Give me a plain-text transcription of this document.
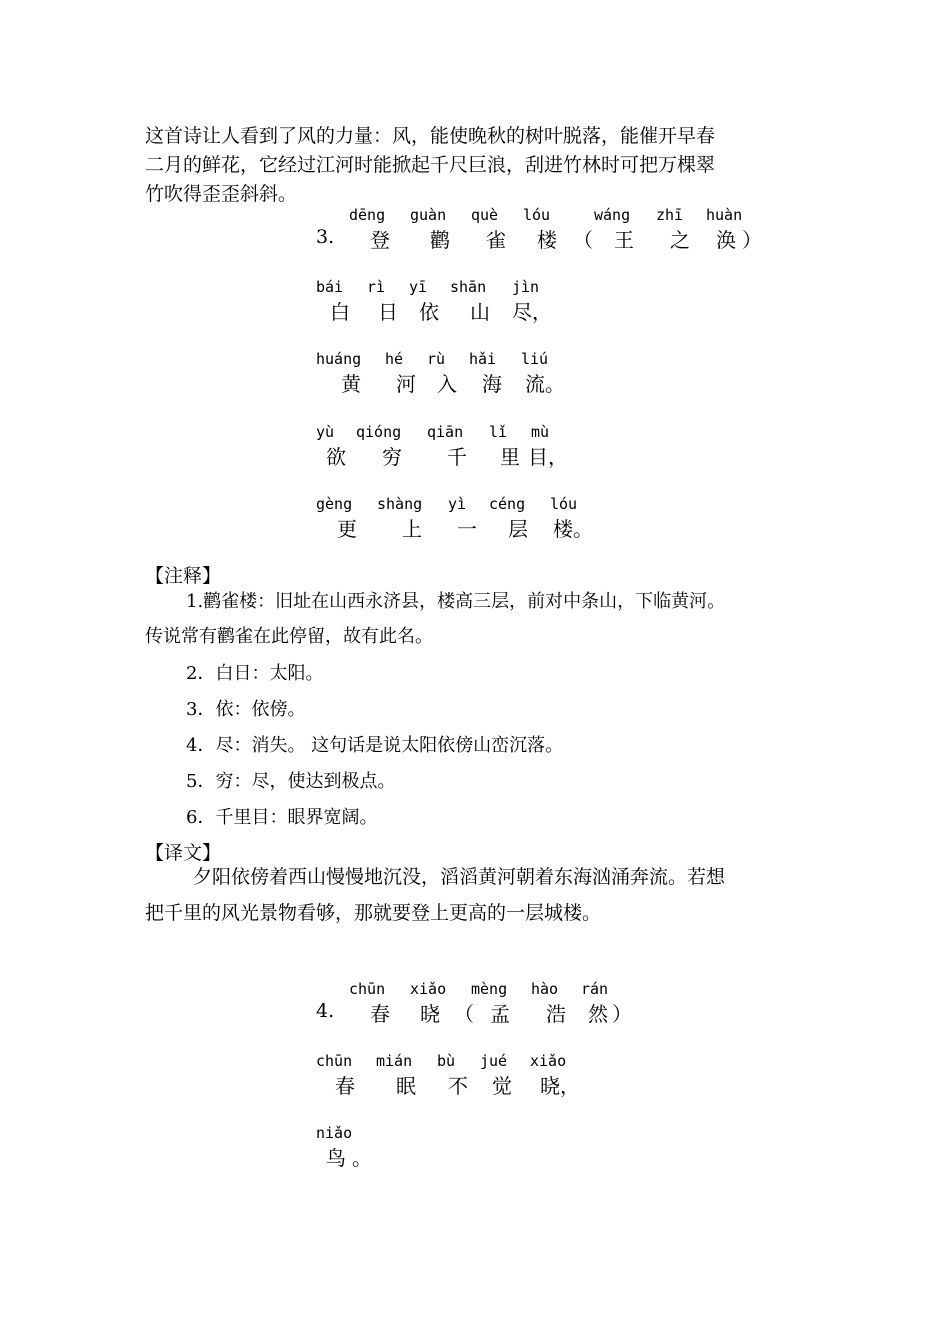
这首诗让人看到了风的力量：风，能使晚秋的树叶脱落，能催开早春
二月的鲜花，它经过江河时能掀起千尺巨浪，刮进竹林时可把万棵翠
竹吹得歪歪斜斜。
dēng guàn què lóu	wáng zhī huàn
3. 登 鹳 雀 楼 （ 王 之 涣 ）
bái rì yī shān jìn
白 日 依 山 尽，
huáng hé rù hǎi liú
黄 河 入 海 流。
yù qióng qiān lǐ mù
欲 穷 千 里 目，
gèng shàng yì céng lóu
更 上 一 层 楼。
【注释】
1.鹳雀楼：旧址在山西永济县，楼高三层，前对中条山，下临黄河。
传说常有鹳雀在此停留，故有此名。
2．白日：太阳。
3．依：依傍。
4．尽：消失。 这句话是说太阳依傍山峦沉落。
5．穷：尽，使达到极点。
6．千里目：眼界宽阔。
【译文】
夕阳依傍着西山慢慢地沉没，滔滔黄河朝着东海汹涌奔流。若想
把千里的风光景物看够，那就要登上更高的一层城楼。
chūn xiǎo mèng hào rán
4. 春 晓 （ 孟 浩 然 ）
chūn mián bù jué xiǎo
春 眠 不 觉 晓，
niǎo
鸟 。
